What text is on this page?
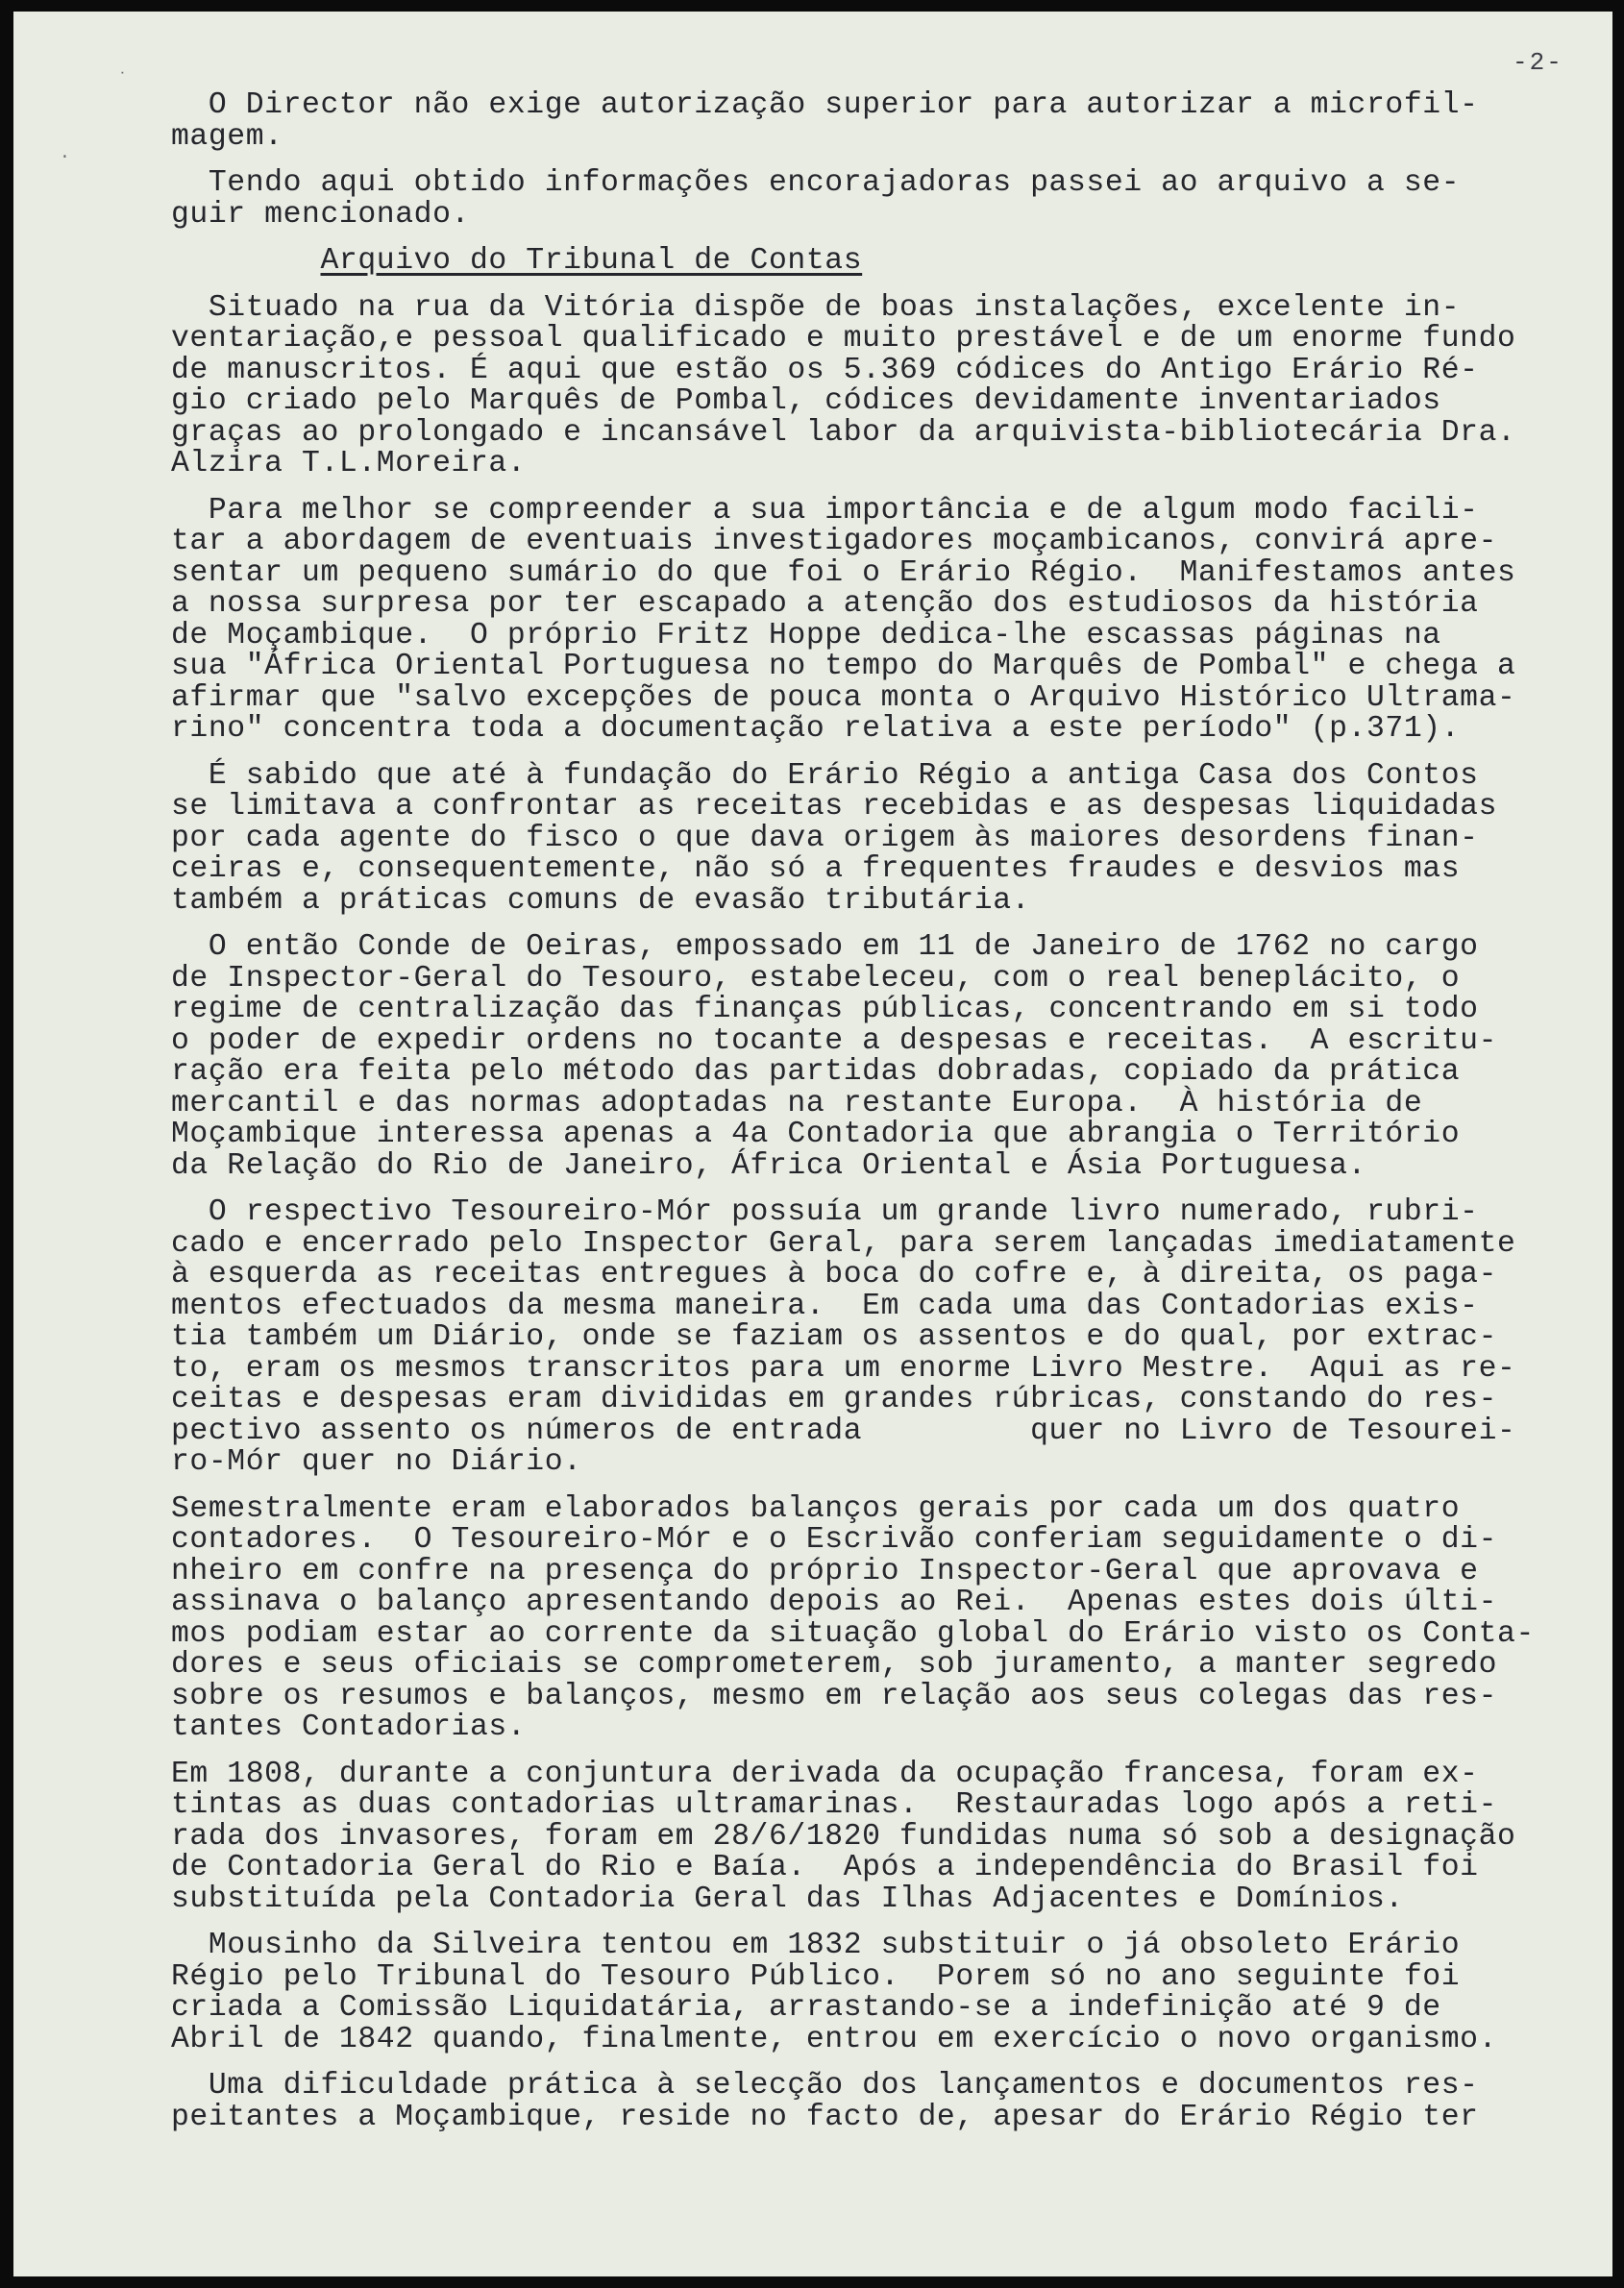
-2-
˙
·
O Director não exige autorização superior para autorizar a microfil-
magem.
Tendo aqui obtido informações encorajadoras passei ao arquivo a se-
guir mencionado.
Arquivo do Tribunal de Contas
Situado na rua da Vitória dispõe de boas instalações, excelente in-
ventariação,e pessoal qualificado e muito prestável e de um enorme fundo
de manuscritos. É aqui que estão os 5.369 códices do Antigo Erário Ré-
gio criado pelo Marquês de Pombal, códices devidamente inventariados
graças ao prolongado e incansável labor da arquivista-bibliotecária Dra.
Alzira T.L.Moreira.
Para melhor se compreender a sua importância e de algum modo facili-
tar a abordagem de eventuais investigadores moçambicanos, convirá apre-
sentar um pequeno sumário do que foi o Erário Régio.  Manifestamos antes
a nossa surpresa por ter escapado a atenção dos estudiosos da história
de Moçambique.  O próprio Fritz Hoppe dedica-lhe escassas páginas na
sua "África Oriental Portuguesa no tempo do Marquês de Pombal" e chega a
afirmar que "salvo excepções de pouca monta o Arquivo Histórico Ultrama-
rino" concentra toda a documentação relativa a este período" (p.371).
É sabido que até à fundação do Erário Régio a antiga Casa dos Contos
se limitava a confrontar as receitas recebidas e as despesas liquidadas
por cada agente do fisco o que dava origem às maiores desordens finan-
ceiras e, consequentemente, não só a frequentes fraudes e desvios mas
também a práticas comuns de evasão tributária.
O então Conde de Oeiras, empossado em 11 de Janeiro de 1762 no cargo
de Inspector-Geral do Tesouro, estabeleceu, com o real beneplácito, o
regime de centralização das finanças públicas, concentrando em si todo
o poder de expedir ordens no tocante a despesas e receitas.  A escritu-
ração era feita pelo método das partidas dobradas, copiado da prática
mercantil e das normas adoptadas na restante Europa.  À história de
Moçambique interessa apenas a 4a Contadoria que abrangia o Território
da Relação do Rio de Janeiro, África Oriental e Ásia Portuguesa.
O respectivo Tesoureiro-Mór possuía um grande livro numerado, rubri-
cado e encerrado pelo Inspector Geral, para serem lançadas imediatamente
à esquerda as receitas entregues à boca do cofre e, à direita, os paga-
mentos efectuados da mesma maneira.  Em cada uma das Contadorias exis-
tia também um Diário, onde se faziam os assentos e do qual, por extrac-
to, eram os mesmos transcritos para um enorme Livro Mestre.  Aqui as re-
ceitas e despesas eram divididas em grandes rúbricas, constando do res-
pectivo assento os números de entrada         quer no Livro de Tesourei-
ro-Mór quer no Diário.
Semestralmente eram elaborados balanços gerais por cada um dos quatro
contadores.  O Tesoureiro-Mór e o Escrivão conferiam seguidamente o di-
nheiro em confre na presença do próprio Inspector-Geral que aprovava e
assinava o balanço apresentando depois ao Rei.  Apenas estes dois últi-
mos podiam estar ao corrente da situação global do Erário visto os Conta-
dores e seus oficiais se comprometerem, sob juramento, a manter segredo
sobre os resumos e balanços, mesmo em relação aos seus colegas das res-
tantes Contadorias.
Em 1808, durante a conjuntura derivada da ocupação francesa, foram ex-
tintas as duas contadorias ultramarinas.  Restauradas logo após a reti-
rada dos invasores, foram em 28/6/1820 fundidas numa só sob a designação
de Contadoria Geral do Rio e Baía.  Após a independência do Brasil foi
substituída pela Contadoria Geral das Ilhas Adjacentes e Domínios.
Mousinho da Silveira tentou em 1832 substituir o já obsoleto Erário
Régio pelo Tribunal do Tesouro Público.  Porem só no ano seguinte foi
criada a Comissão Liquidatária, arrastando-se a indefinição até 9 de
Abril de 1842 quando, finalmente, entrou em exercício o novo organismo.
Uma dificuldade prática à selecção dos lançamentos e documentos res-
peitantes a Moçambique, reside no facto de, apesar do Erário Régio ter
